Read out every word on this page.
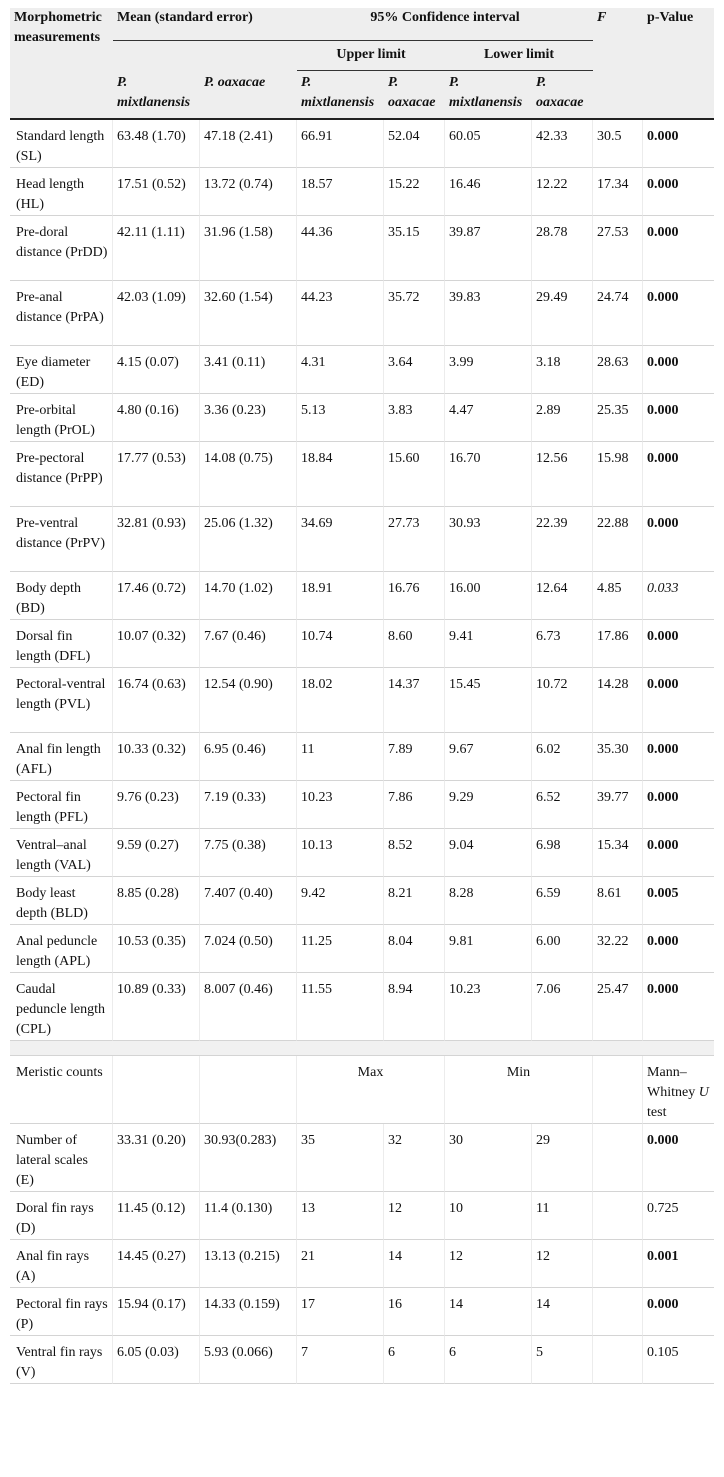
Morphometric measurements	Mean (standard error)		95% Confidence interval				F	p-Value
			Upper limit		Lower limit			
	P. mixtlanensis	P. oaxacae	P. mixtlanensis	P. oaxacae	P. mixtlanensis	P. oaxacae		
Standard length (SL)	63.48 (1.70)	47.18 (2.41)	66.91	52.04	60.05	42.33	30.5	0.000
Head length (HL)	17.51 (0.52)	13.72 (0.74)	18.57	15.22	16.46	12.22	17.34	0.000
Pre-doral distance (PrDD)	42.11 (1.11)	31.96 (1.58)	44.36	35.15	39.87	28.78	27.53	0.000
Pre-anal distance (PrPA)	42.03 (1.09)	32.60 (1.54)	44.23	35.72	39.83	29.49	24.74	0.000
Eye diameter (ED)	4.15 (0.07)	3.41 (0.11)	4.31	3.64	3.99	3.18	28.63	0.000
Pre-orbital length (PrOL)	4.80 (0.16)	3.36 (0.23)	5.13	3.83	4.47	2.89	25.35	0.000
Pre-pectoral distance (PrPP)	17.77 (0.53)	14.08 (0.75)	18.84	15.60	16.70	12.56	15.98	0.000
Pre-ventral distance (PrPV)	32.81 (0.93)	25.06 (1.32)	34.69	27.73	30.93	22.39	22.88	0.000
Body depth (BD)	17.46 (0.72)	14.70 (1.02)	18.91	16.76	16.00	12.64	4.85	0.033
Dorsal fin length (DFL)	10.07 (0.32)	7.67 (0.46)	10.74	8.60	9.41	6.73	17.86	0.000
Pectoral-ventral length (PVL)	16.74 (0.63)	12.54 (0.90)	18.02	14.37	15.45	10.72	14.28	0.000
Anal fin length (AFL)	10.33 (0.32)	6.95 (0.46)	11	7.89	9.67	6.02	35.30	0.000
Pectoral fin length (PFL)	9.76 (0.23)	7.19 (0.33)	10.23	7.86	9.29	6.52	39.77	0.000
Ventral–anal length (VAL)	9.59 (0.27)	7.75 (0.38)	10.13	8.52	9.04	6.98	15.34	0.000
Body least depth (BLD)	8.85 (0.28)	7.407 (0.40)	9.42	8.21	8.28	6.59	8.61	0.005
Anal peduncle length (APL)	10.53 (0.35)	7.024 (0.50)	11.25	8.04	9.81	6.00	32.22	0.000
Caudal peduncle length (CPL)	10.89 (0.33)	8.007 (0.46)	11.55	8.94	10.23	7.06	25.47	0.000

Meristic counts			Max		Min			Mann–Whitney U test
Number of lateral scales (E)	33.31 (0.20)	30.93(0.283)	35	32	30	29		0.000
Doral fin rays (D)	11.45 (0.12)	11.4 (0.130)	13	12	10	11		0.725
Anal fin rays (A)	14.45 (0.27)	13.13 (0.215)	21	14	12	12		0.001
Pectoral fin rays (P)	15.94 (0.17)	14.33 (0.159)	17	16	14	14		0.000
Ventral fin rays (V)	6.05 (0.03)	5.93 (0.066)	7	6	6	5		0.105
